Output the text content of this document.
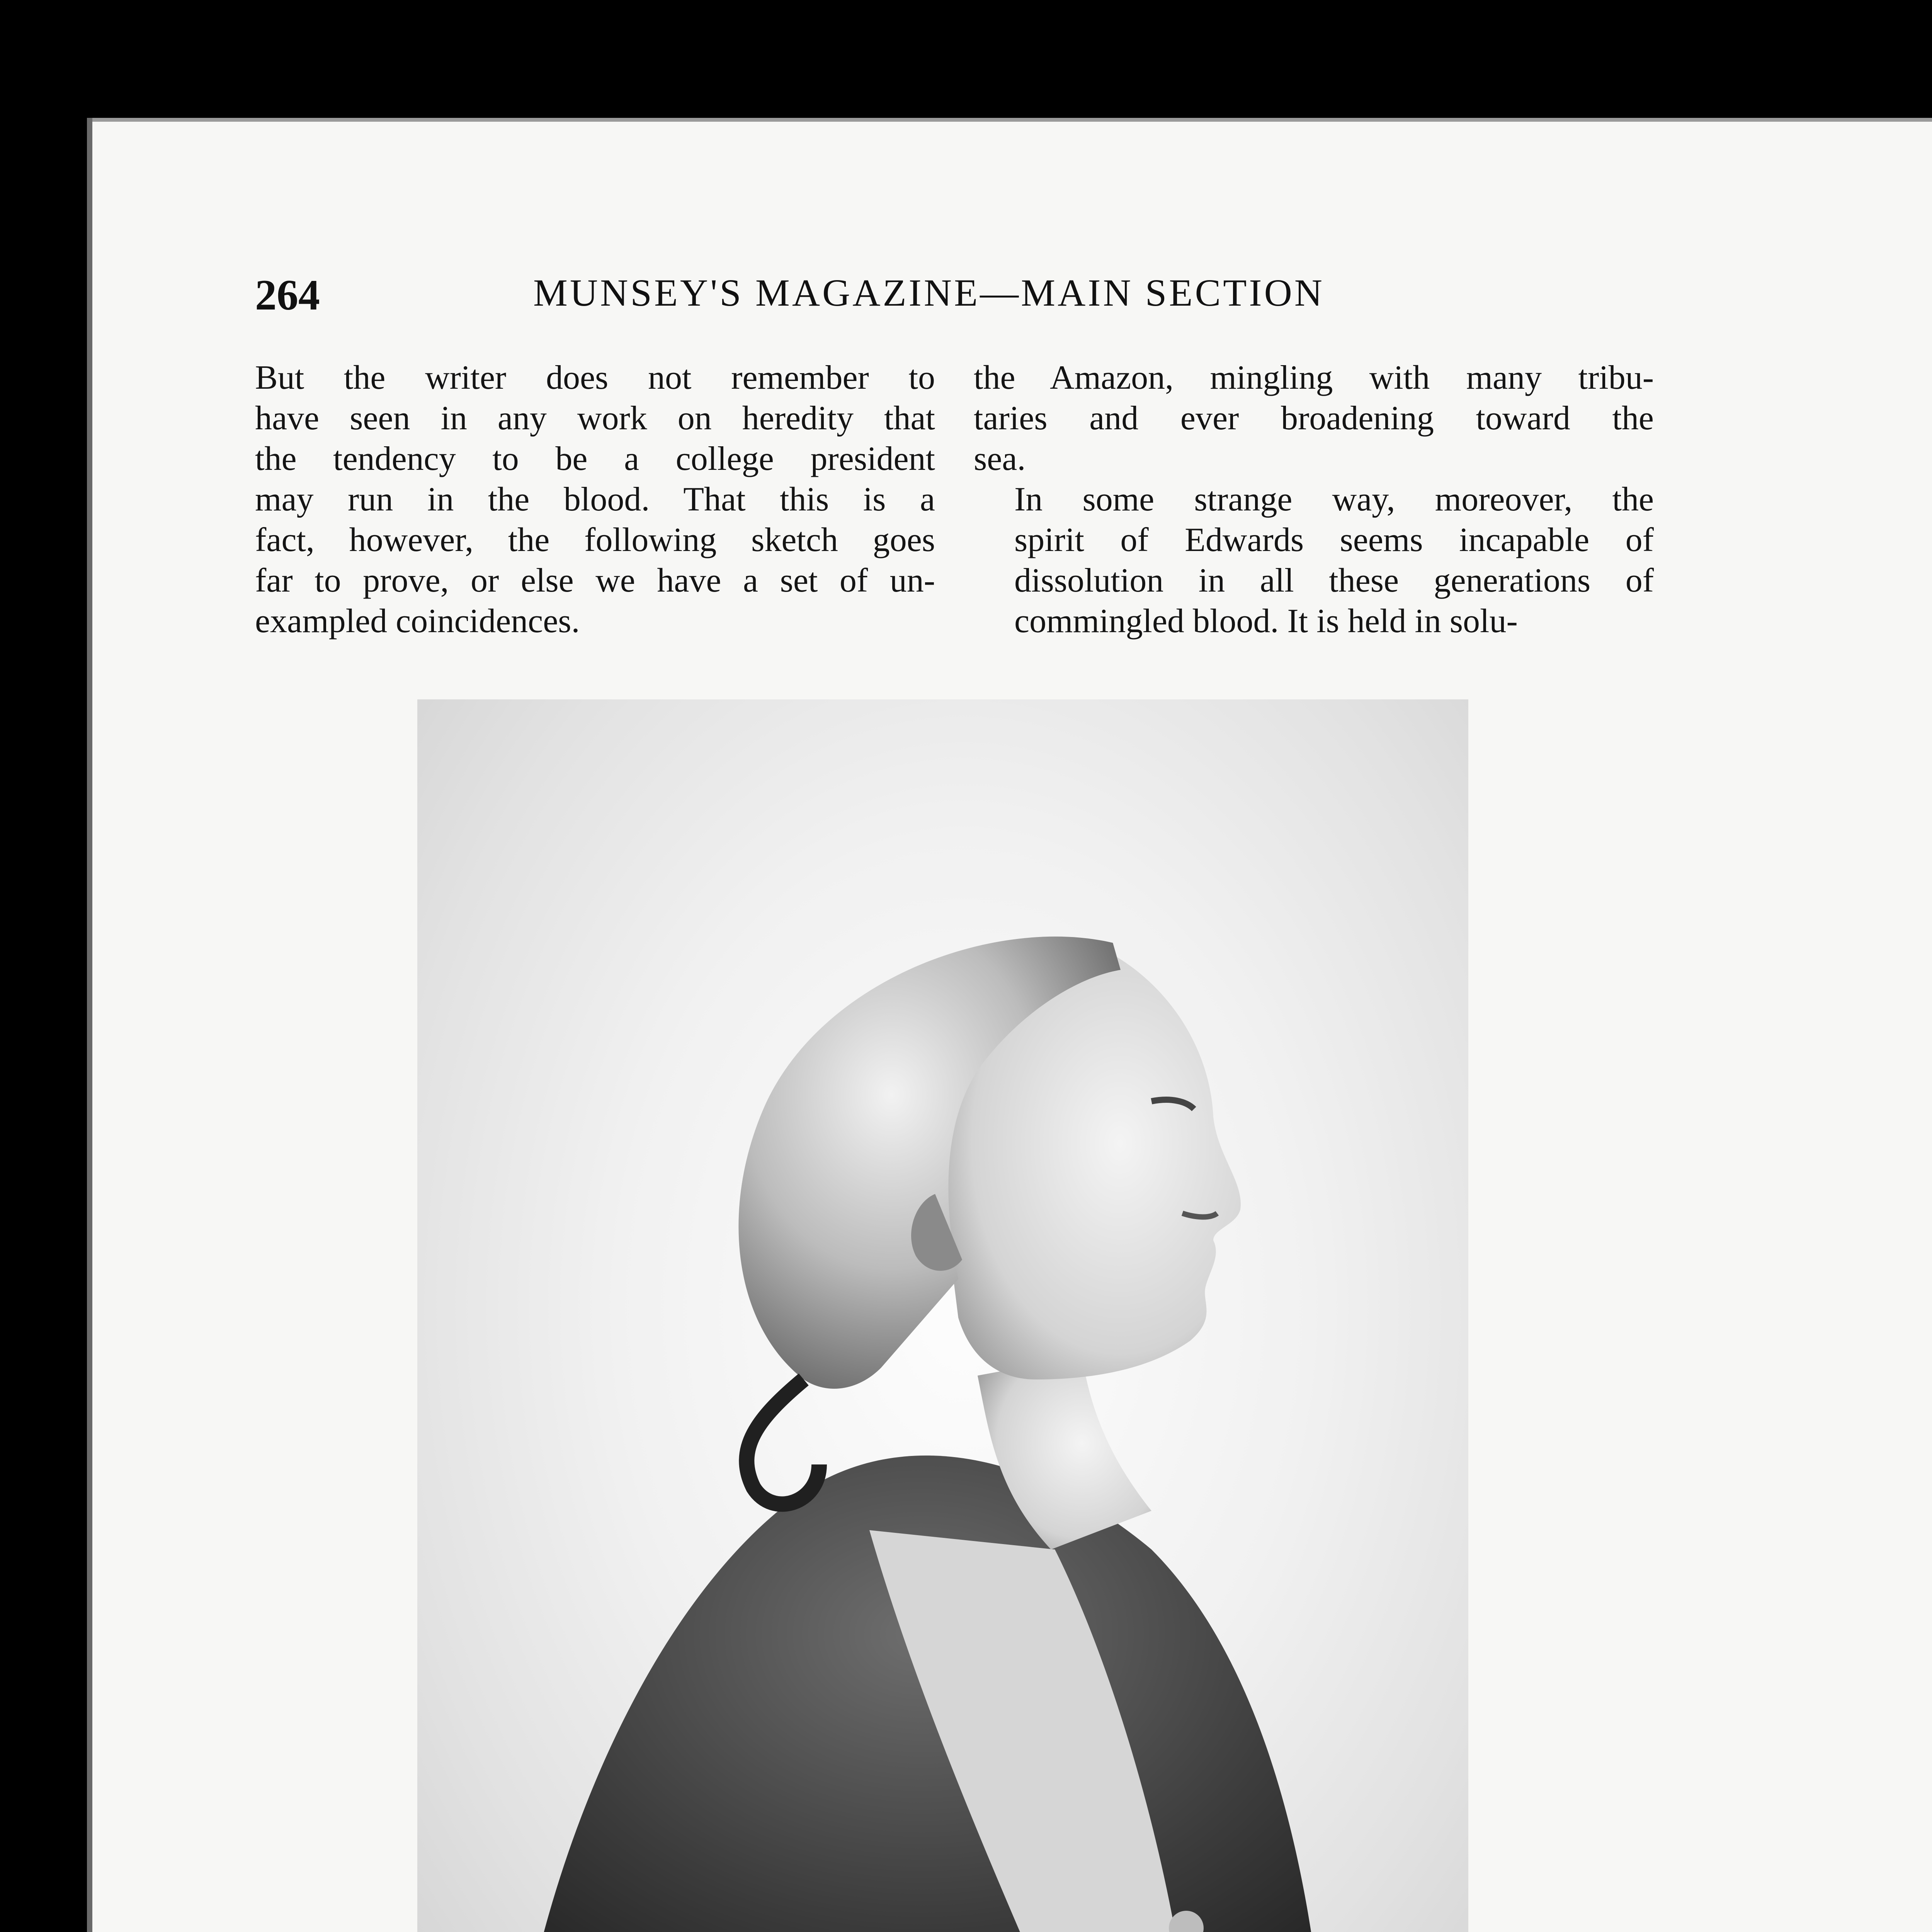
264	MUNSEY'S MAGAZINE—MAIN SECTION

But the writer does not remember to
have seen in any work on heredity that
the tendency to be a college president
may run in the blood. That this is a
fact, however, the following sketch goes
far to prove, or else we have a set of un-
exampled coincidences.

the Amazon, mingling with many tribu-
taries and ever broadening toward the
sea.

In some strange way, moreover, the
spirit of Edwards seems incapable of
dissolution in all these generations of
commingled blood. It is held in solu-
